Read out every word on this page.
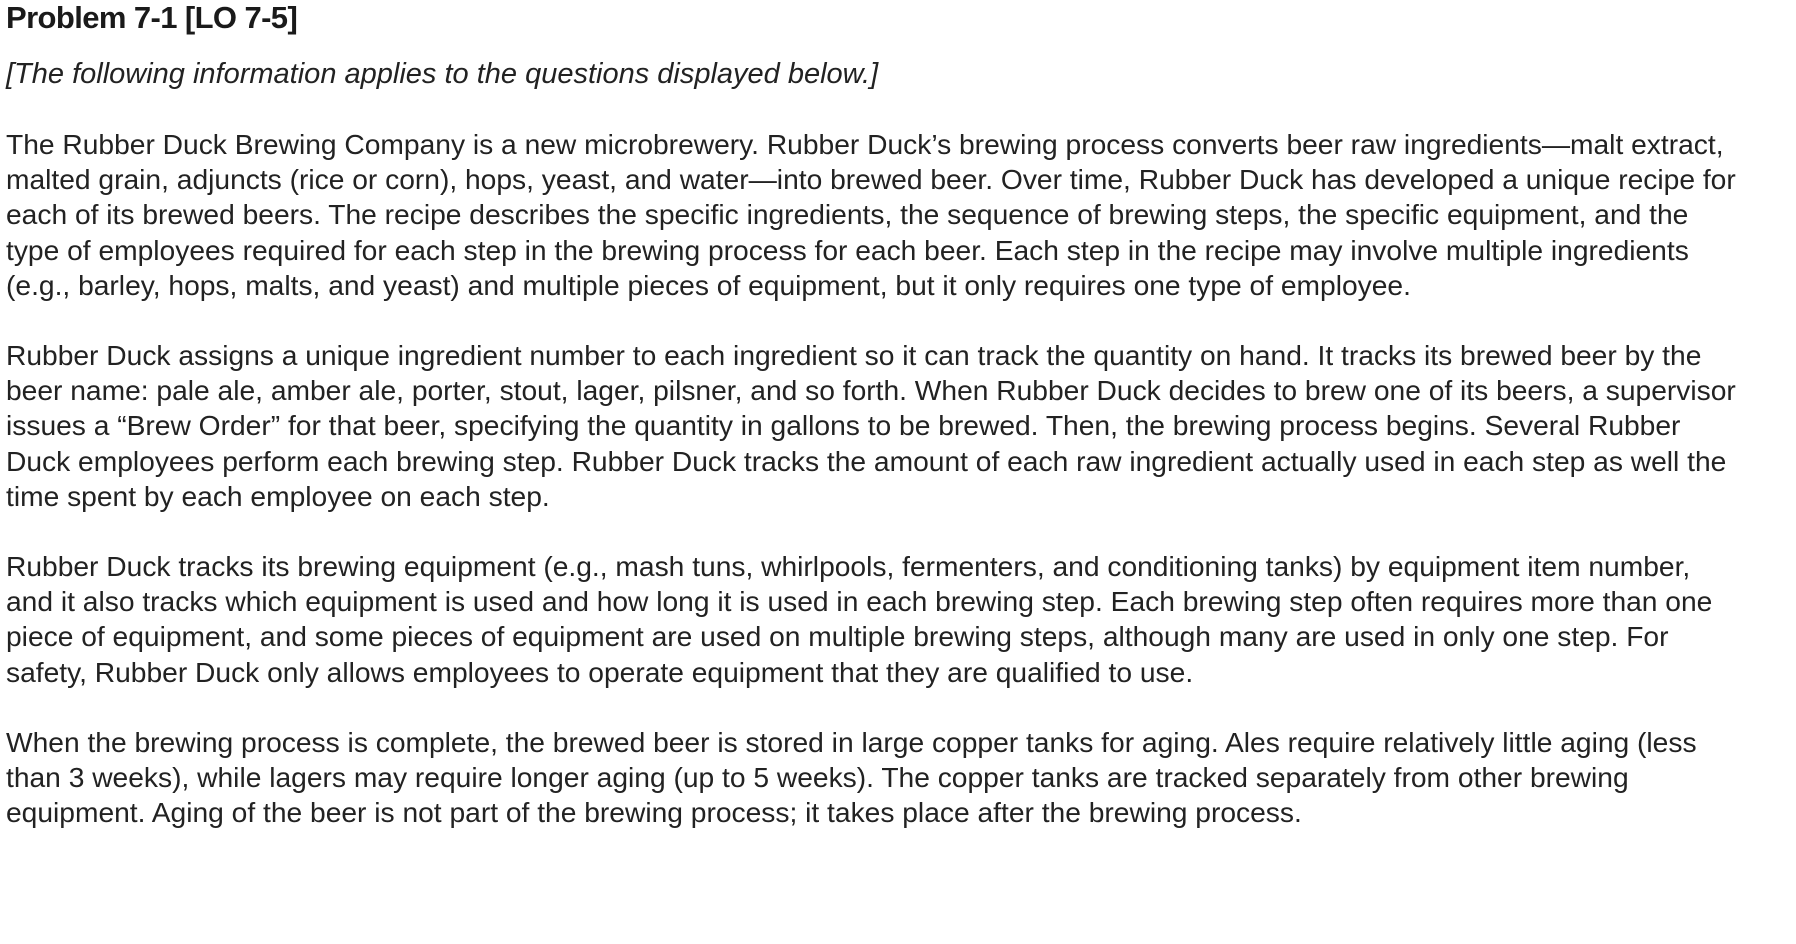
Problem 7-1 [LO 7-5]

[The following information applies to the questions displayed below.]

The Rubber Duck Brewing Company is a new microbrewery. Rubber Duck’s brewing process converts beer raw ingredients—malt extract, malted grain, adjuncts (rice or corn), hops, yeast, and water—into brewed beer. Over time, Rubber Duck has developed a unique recipe for each of its brewed beers. The recipe describes the specific ingredients, the sequence of brewing steps, the specific equipment, and the type of employees required for each step in the brewing process for each beer. Each step in the recipe may involve multiple ingredients (e.g., barley, hops, malts, and yeast) and multiple pieces of equipment, but it only requires one type of employee.

Rubber Duck assigns a unique ingredient number to each ingredient so it can track the quantity on hand. It tracks its brewed beer by the beer name: pale ale, amber ale, porter, stout, lager, pilsner, and so forth. When Rubber Duck decides to brew one of its beers, a supervisor issues a “Brew Order” for that beer, specifying the quantity in gallons to be brewed. Then, the brewing process begins. Several Rubber Duck employees perform each brewing step. Rubber Duck tracks the amount of each raw ingredient actually used in each step as well the time spent by each employee on each step.

Rubber Duck tracks its brewing equipment (e.g., mash tuns, whirlpools, fermenters, and conditioning tanks) by equipment item number, and it also tracks which equipment is used and how long it is used in each brewing step. Each brewing step often requires more than one piece of equipment, and some pieces of equipment are used on multiple brewing steps, although many are used in only one step. For safety, Rubber Duck only allows employees to operate equipment that they are qualified to use.

When the brewing process is complete, the brewed beer is stored in large copper tanks for aging. Ales require relatively little aging (less than 3 weeks), while lagers may require longer aging (up to 5 weeks). The copper tanks are tracked separately from other brewing equipment. Aging of the beer is not part of the brewing process; it takes place after the brewing process.
